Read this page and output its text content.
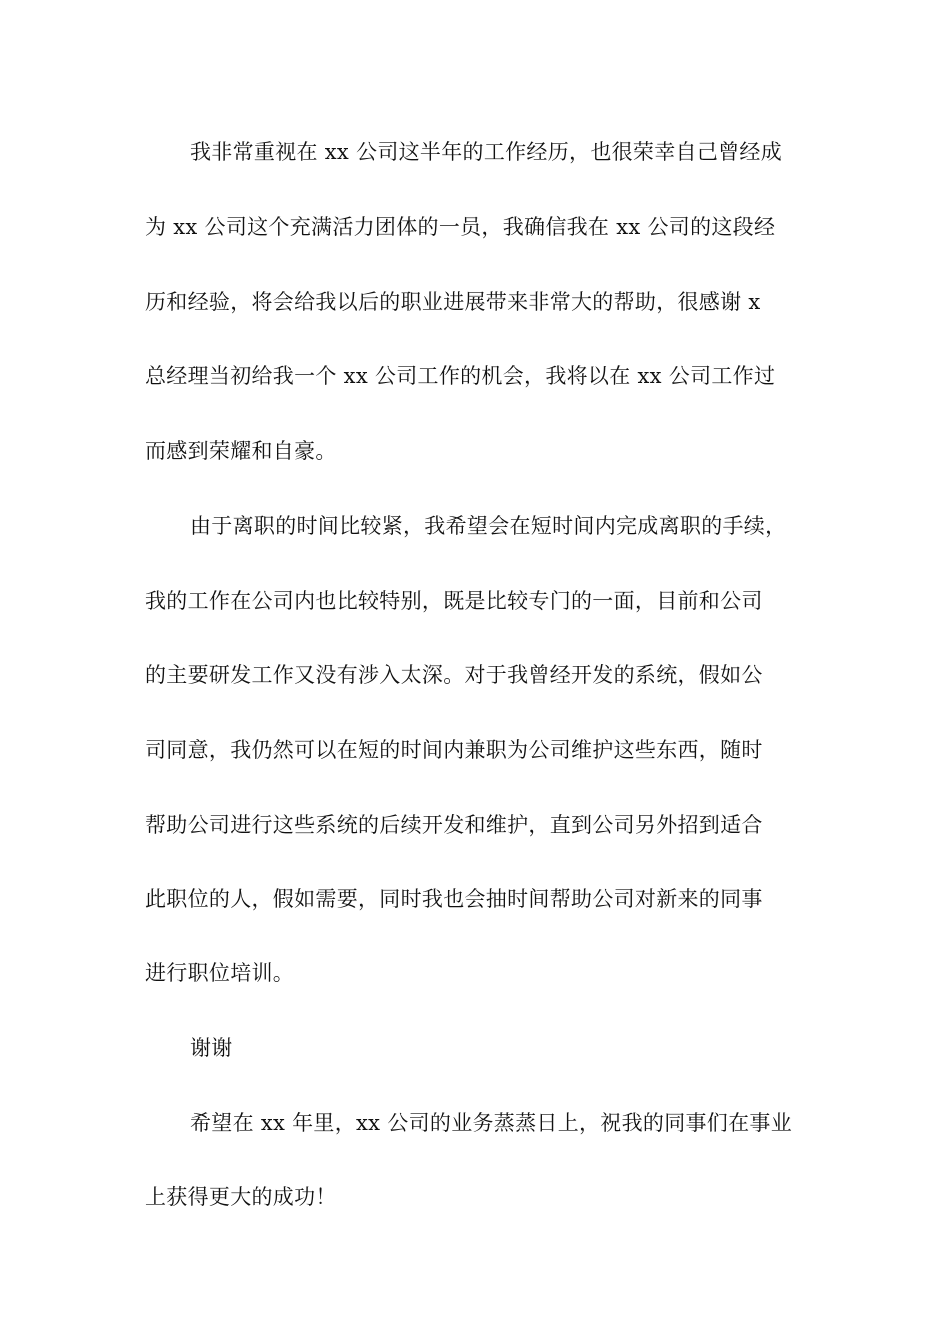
我非常重视在 xx 公司这半年的工作经历，也很荣幸自己曾经成
为 xx 公司这个充满活力团体的一员，我确信我在 xx 公司的这段经
历和经验，将会给我以后的职业进展带来非常大的帮助，很感谢 x
总经理当初给我一个 xx 公司工作的机会，我将以在 xx 公司工作过
而感到荣耀和自豪。
由于离职的时间比较紧，我希望会在短时间内完成离职的手续，
我的工作在公司内也比较特别，既是比较专门的一面，目前和公司
的主要研发工作又没有涉入太深。对于我曾经开发的系统，假如公
司同意，我仍然可以在短的时间内兼职为公司维护这些东西，随时
帮助公司进行这些系统的后续开发和维护，直到公司另外招到适合
此职位的人，假如需要，同时我也会抽时间帮助公司对新来的同事
进行职位培训。
谢谢
希望在 xx 年里，xx 公司的业务蒸蒸日上，祝我的同事们在事业
上获得更大的成功！
